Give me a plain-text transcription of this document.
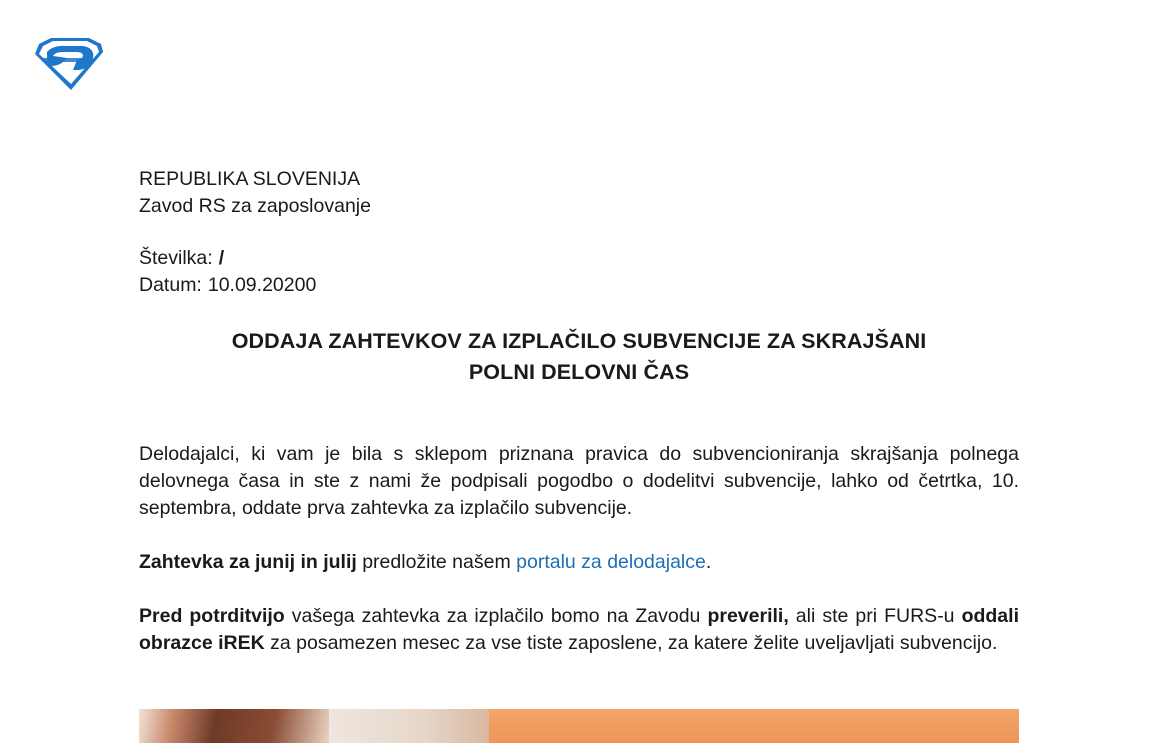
REPUBLIKA SLOVENIJA
Zavod RS za zaposlovanje
Številka: /
Datum: 10.09.20200
ODDAJA ZAHTEVKOV ZA IZPLAČILO SUBVENCIJE ZA SKRAJŠANI
POLNI DELOVNI ČAS
Delodajalci, ki vam je bila s sklepom priznana pravica do subvencioniranja skrajšanja polnega delovnega časa in ste z nami že podpisali pogodbo o dodelitvi subvencije, lahko od četrtka, 10. septembra, oddate prva zahtevka za izplačilo subvencije.
Zahtevka za junij in julij predložite našem portalu za delodajalce.
Pred potrditvijo vašega zahtevka za izplačilo bomo na Zavodu preverili, ali ste pri FURS-u oddali obrazce iREK za posamezen mesec za vse tiste zaposlene, za katere želite uveljavljati subvencijo.
